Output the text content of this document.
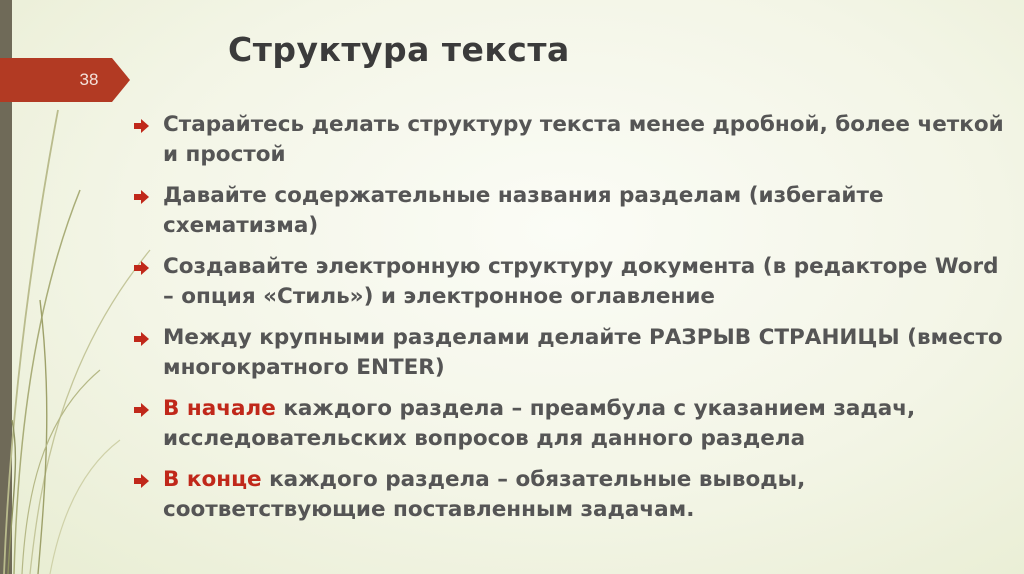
38
Структура текста
Старайтесь делать структуру текста менее дробной, более четкой и простой
Давайте содержательные названия разделам (избегайте схематизма)
Создавайте электронную структуру документа (в редакторе Word – опция «Стиль») и электронное оглавление
Между крупными разделами делайте РАЗРЫВ СТРАНИЦЫ (вместо многократного ENTER)
В начале каждого раздела – преамбула с указанием задач, исследовательских вопросов для данного раздела
В конце каждого раздела – обязательные выводы, соответствующие поставленным задачам.
